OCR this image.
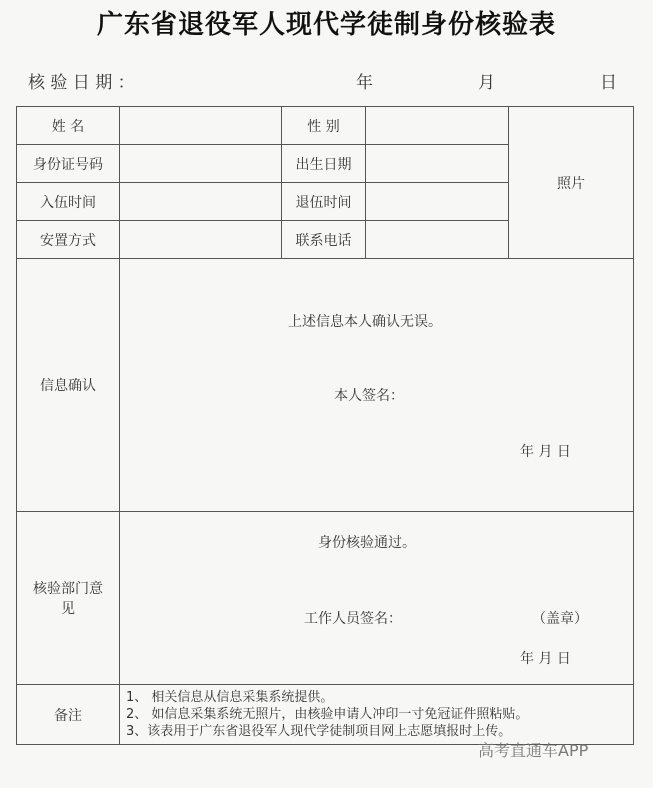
广东省退役军人现代学徒制身份核验表
核 验 日 期 ：	年	月	日
姓 名		性 别		照片
身份证号码		出生日期		
入伍时间		退伍时间		
安置方式		联系电话		
信息确认	上述信息本人确认无误。
本人签名：
年 月 日			

核验部门意
见	身份核验通过。
工作人员签名： （盖章）
年 月 日			

备注	1、 相关信息从信息采集系统提供。
2、 如信息采集系统无照片，由核验申请人冲印一寸免冠证件照粘贴。
3、该表用于广东省退役军人现代学徒制项目网上志愿填报时上传。			
高考直通车APP
